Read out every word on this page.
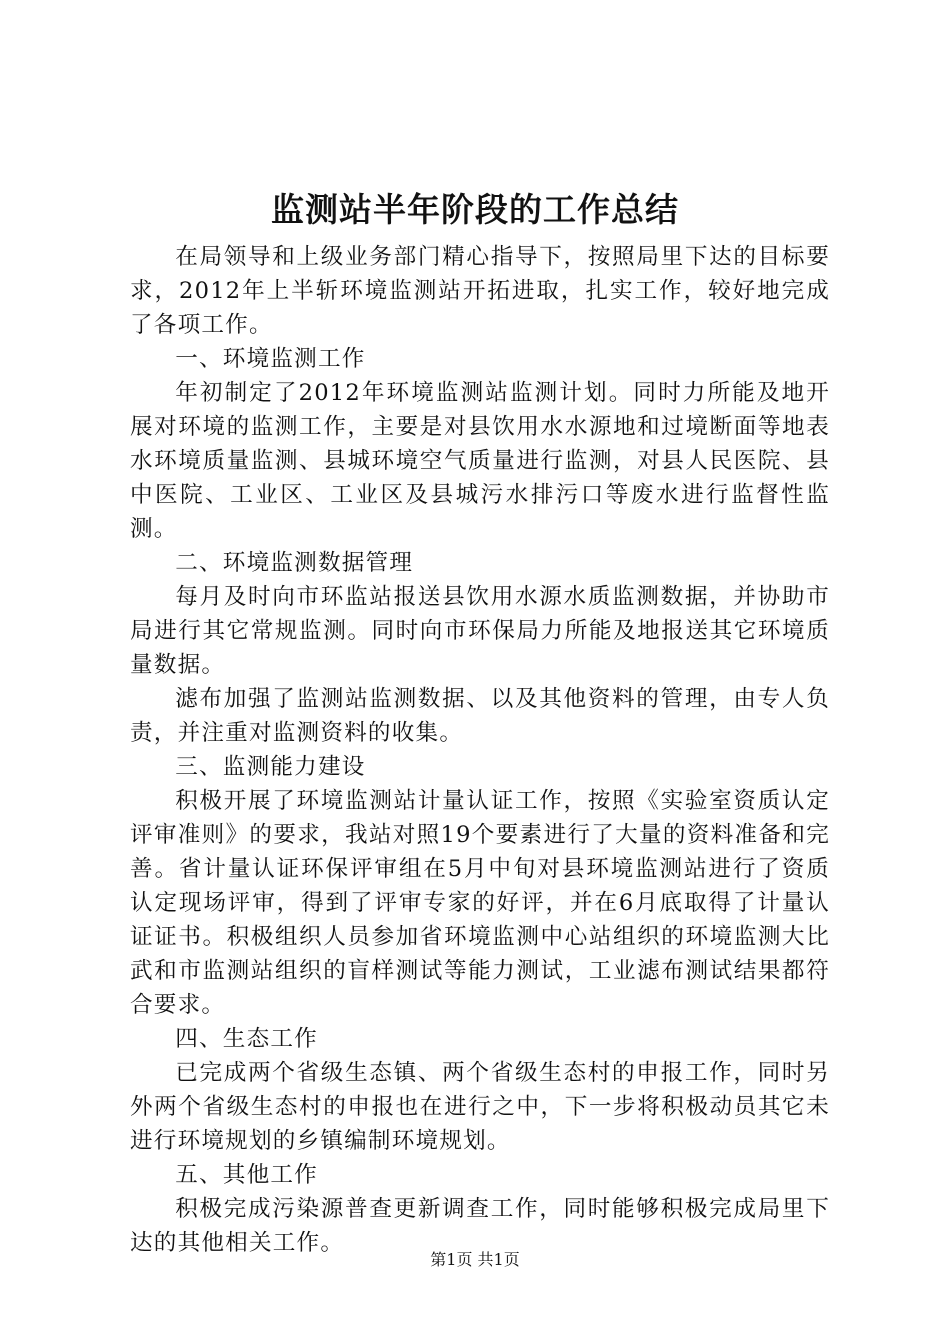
监测站半年阶段的工作总结

在局领导和上级业务部门精心指导下，按照局里下达的目标要求，2012年上半斩环境监测站开拓进取，扎实工作，较好地完成了各项工作。

一、环境监测工作

年初制定了2012年环境监测站监测计划。同时力所能及地开展对环境的监测工作，主要是对县饮用水水源地和过境断面等地表水环境质量监测、县城环境空气质量进行监测，对县人民医院、县中医院、工业区、工业区及县城污水排污口等废水进行监督性监测。

二、环境监测数据管理

每月及时向市环监站报送县饮用水源水质监测数据，并协助市局进行其它常规监测。同时向市环保局力所能及地报送其它环境质量数据。

滤布加强了监测站监测数据、以及其他资料的管理，由专人负责，并注重对监测资料的收集。

三、监测能力建设

积极开展了环境监测站计量认证工作，按照《实验室资质认定评审准则》的要求，我站对照19个要素进行了大量的资料准备和完善。省计量认证环保评审组在5月中旬对县环境监测站进行了资质认定现场评审，得到了评审专家的好评，并在6月底取得了计量认证证书。积极组织人员参加省环境监测中心站组织的环境监测大比武和市监测站组织的盲样测试等能力测试，工业滤布测试结果都符合要求。

四、生态工作

已完成两个省级生态镇、两个省级生态村的申报工作，同时另外两个省级生态村的申报也在进行之中，下一步将积极动员其它未进行环境规划的乡镇编制环境规划。

五、其他工作

积极完成污染源普查更新调查工作，同时能够积极完成局里下达的其他相关工作。

第1页 共1页
